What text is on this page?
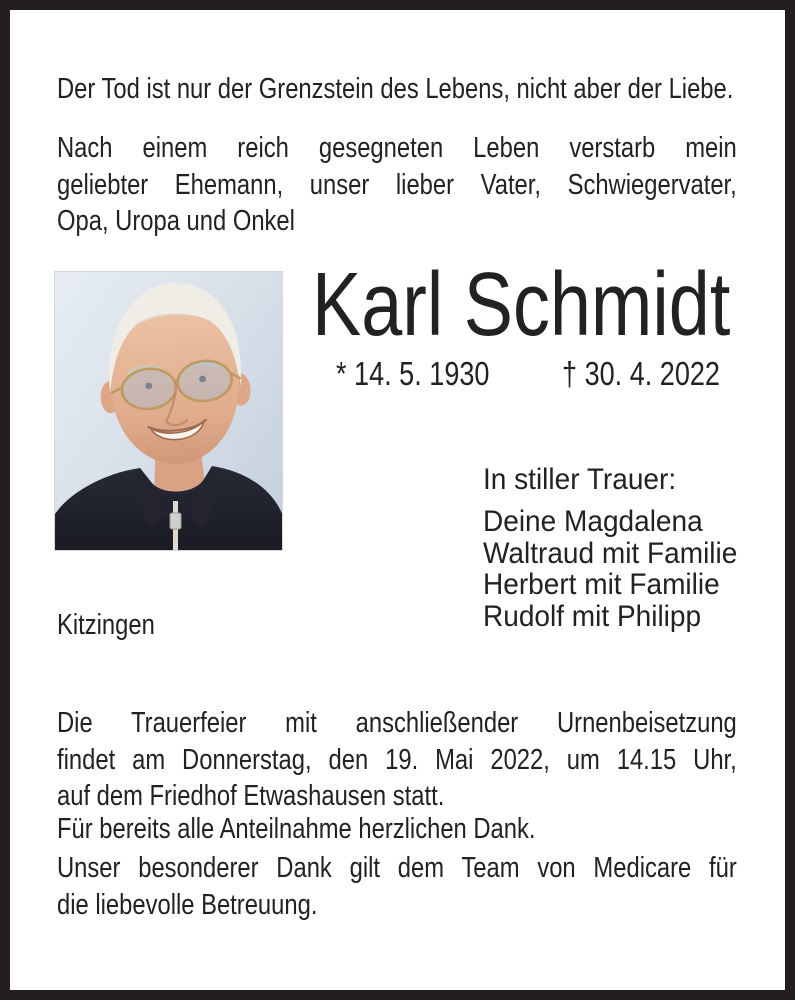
Der Tod ist nur der Grenzstein des Lebens, nicht aber der Liebe.
Nach einem reich gesegneten Leben verstarb mein
geliebter Ehemann, unser lieber Vater, Schwiegervater,
Opa, Uropa und Onkel
Karl Schmidt
* 14. 5. 1930 † 30. 4. 2022
In stiller Trauer:
Deine Magdalena
Waltraud mit Familie
Herbert mit Familie
Rudolf mit Philipp
Kitzingen
Die Trauerfeier mit anschließender Urnenbeisetzung
findet am Donnerstag, den 19. Mai 2022, um 14.15 Uhr,
auf dem Friedhof Etwashausen statt.
Für bereits alle Anteilnahme herzlichen Dank.
Unser besonderer Dank gilt dem Team von Medicare für
die liebevolle Betreuung.
